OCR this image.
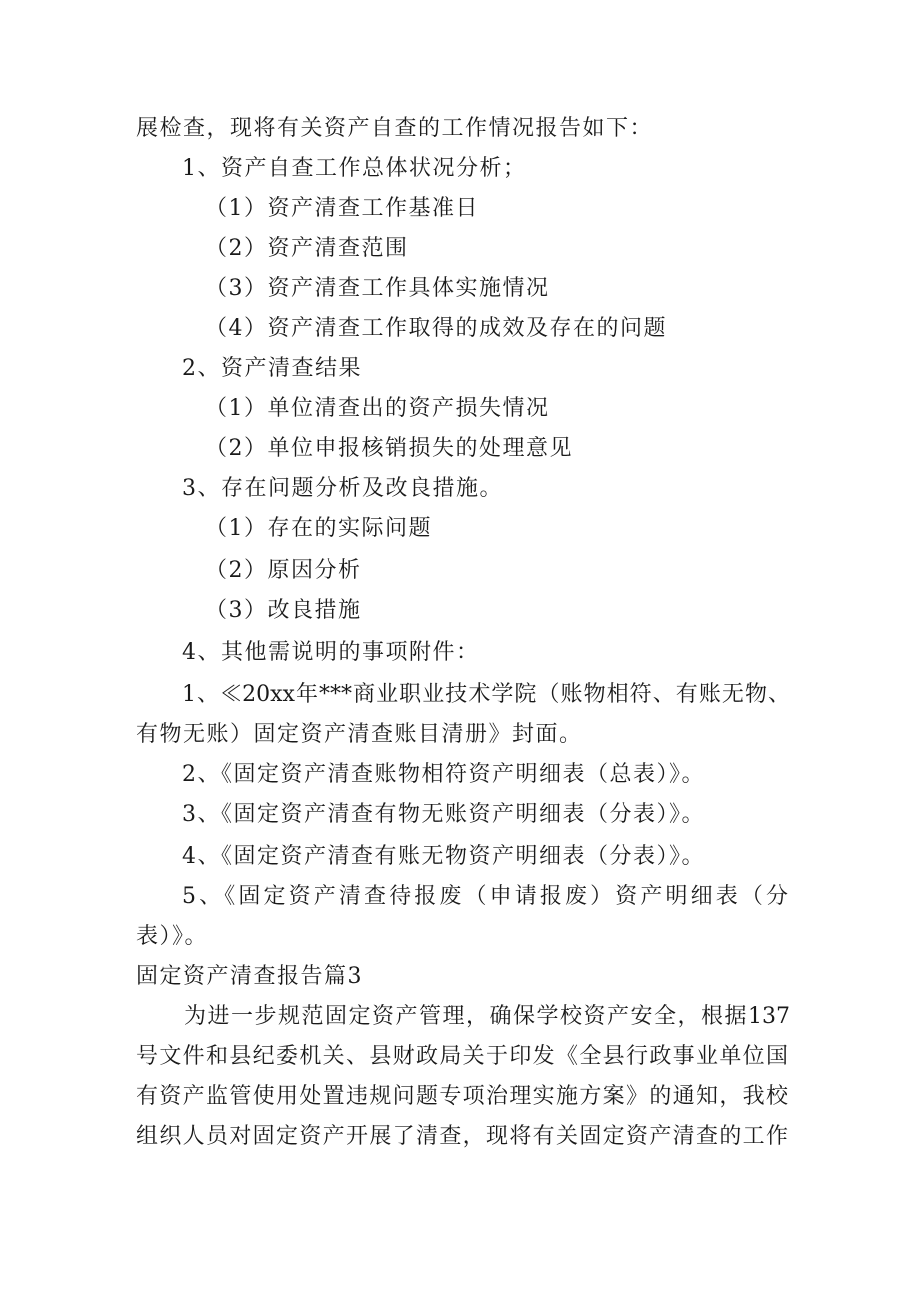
展检查，现将有关资产自查的工作情况报告如下：
1、资产自查工作总体状况分析；
（1）资产清查工作基准日
（2）资产清查范围
（3）资产清查工作具体实施情况
（4）资产清查工作取得的成效及存在的问题
2、资产清查结果
（1）单位清查出的资产损失情况
（2）单位申报核销损失的处理意见
3、存在问题分析及改良措施。
（1）存在的实际问题
（2）原因分析
（3）改良措施
4、其他需说明的事项附件：
1、≪20xx年***商业职业技术学院（账物相符、有账无物、
有物无账）固定资产清查账目清册》封面。
2、《固定资产清查账物相符资产明细表（总表）》。
3、《固定资产清查有物无账资产明细表（分表）》。
4、《固定资产清查有账无物资产明细表（分表）》。
5、《固定资产清查待报废（申请报废）资产明细表（分
表）》。
固定资产清查报告篇3
为进一步规范固定资产管理，确保学校资产安全，根据137
号文件和县纪委机关、县财政局关于印发《全县行政事业单位国
有资产监管使用处置违规问题专项治理实施方案》的通知，我校
组织人员对固定资产开展了清查，现将有关固定资产清查的工作
